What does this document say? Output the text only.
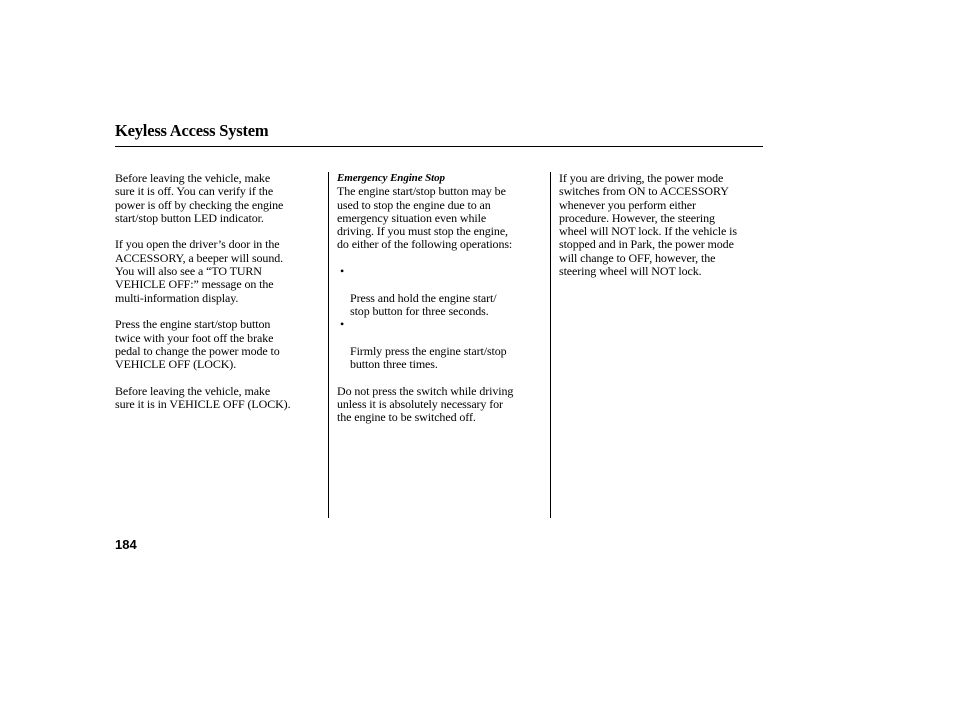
Keyless Access System

Before leaving the vehicle, make
sure it is off. You can verify if the
power is off by checking the engine
start/stop button LED indicator.

If you open the driver’s door in the
ACCESSORY, a beeper will sound.
You will also see a “TO TURN
VEHICLE OFF:” message on the
multi-information display.

Press the engine start/stop button
twice with your foot off the brake
pedal to change the power mode to
VEHICLE OFF (LOCK).

Before leaving the vehicle, make
sure it is in VEHICLE OFF (LOCK).

Emergency Engine Stop

The engine start/stop button may be
used to stop the engine due to an
emergency situation even while
driving. If you must stop the engine,
do either of the following operations:

•

Press and hold the engine start/
stop button for three seconds.

•

Firmly press the engine start/stop
button three times.

Do not press the switch while driving
unless it is absolutely necessary for
the engine to be switched off.

If you are driving, the power mode
switches from ON to ACCESSORY
whenever you perform either
procedure. However, the steering
wheel will NOT lock. If the vehicle is
stopped and in Park, the power mode
will change to OFF, however, the
steering wheel will NOT lock.

184
